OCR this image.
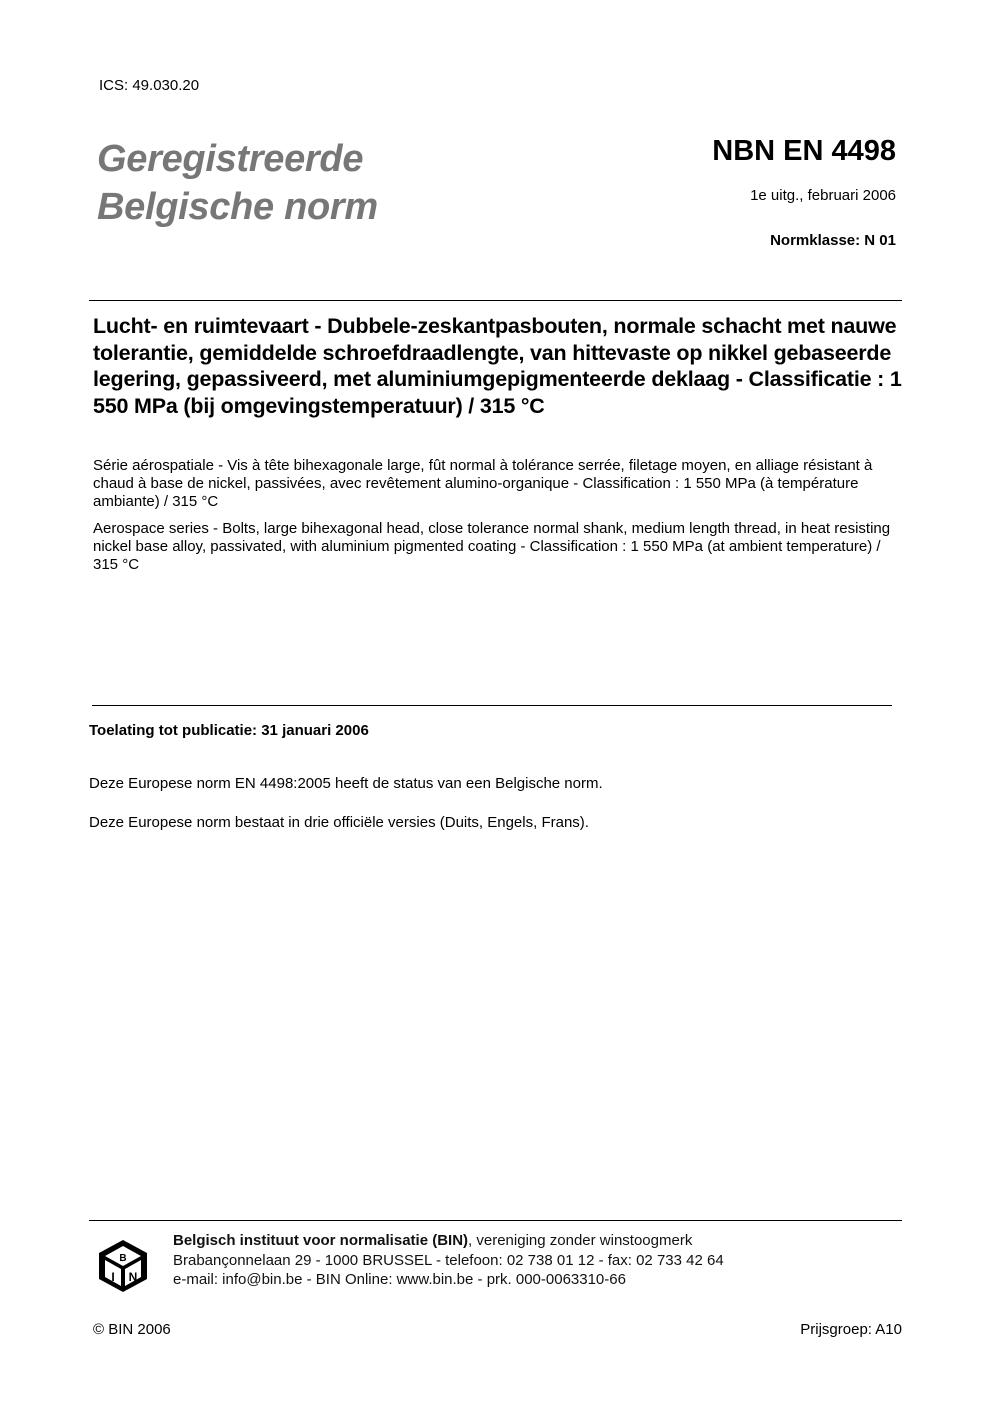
ICS: 49.030.20
Geregistreerde
Belgische norm
NBN EN 4498
1e uitg., februari 2006
Normklasse: N 01
Lucht- en ruimtevaart - Dubbele-zeskantpasbouten, normale schacht met nauwe tolerantie, gemiddelde schroefdraadlengte, van hittevaste op nikkel gebaseerde legering, gepassiveerd, met aluminiumgepigmenteerde deklaag - Classificatie : 1 550 MPa (bij omgevingstemperatuur) / 315 °C
Série aérospatiale - Vis à tête bihexagonale large, fût normal à tolérance serrée, filetage moyen, en alliage résistant à chaud à base de nickel, passivées, avec revêtement alumino-organique - Classification : 1 550 MPa (à température ambiante) / 315 °C
Aerospace series - Bolts, large bihexagonal head, close tolerance normal shank, medium length thread, in heat resisting nickel base alloy, passivated, with aluminium pigmented coating - Classification : 1 550 MPa (at ambient temperature) / 315 °C
Toelating tot publicatie: 31 januari 2006
Deze Europese norm EN 4498:2005 heeft de status van een Belgische norm.
Deze Europese norm bestaat in drie officiële versies (Duits, Engels, Frans).
B
I N
Belgisch instituut voor normalisatie (BIN), vereniging zonder winstoogmerk
Brabançonnelaan 29 - 1000 BRUSSEL - telefoon: 02 738 01 12 - fax: 02 733 42 64
e-mail: info@bin.be - BIN Online: www.bin.be - prk. 000-0063310-66
© BIN 2006	Prijsgroep: A10
